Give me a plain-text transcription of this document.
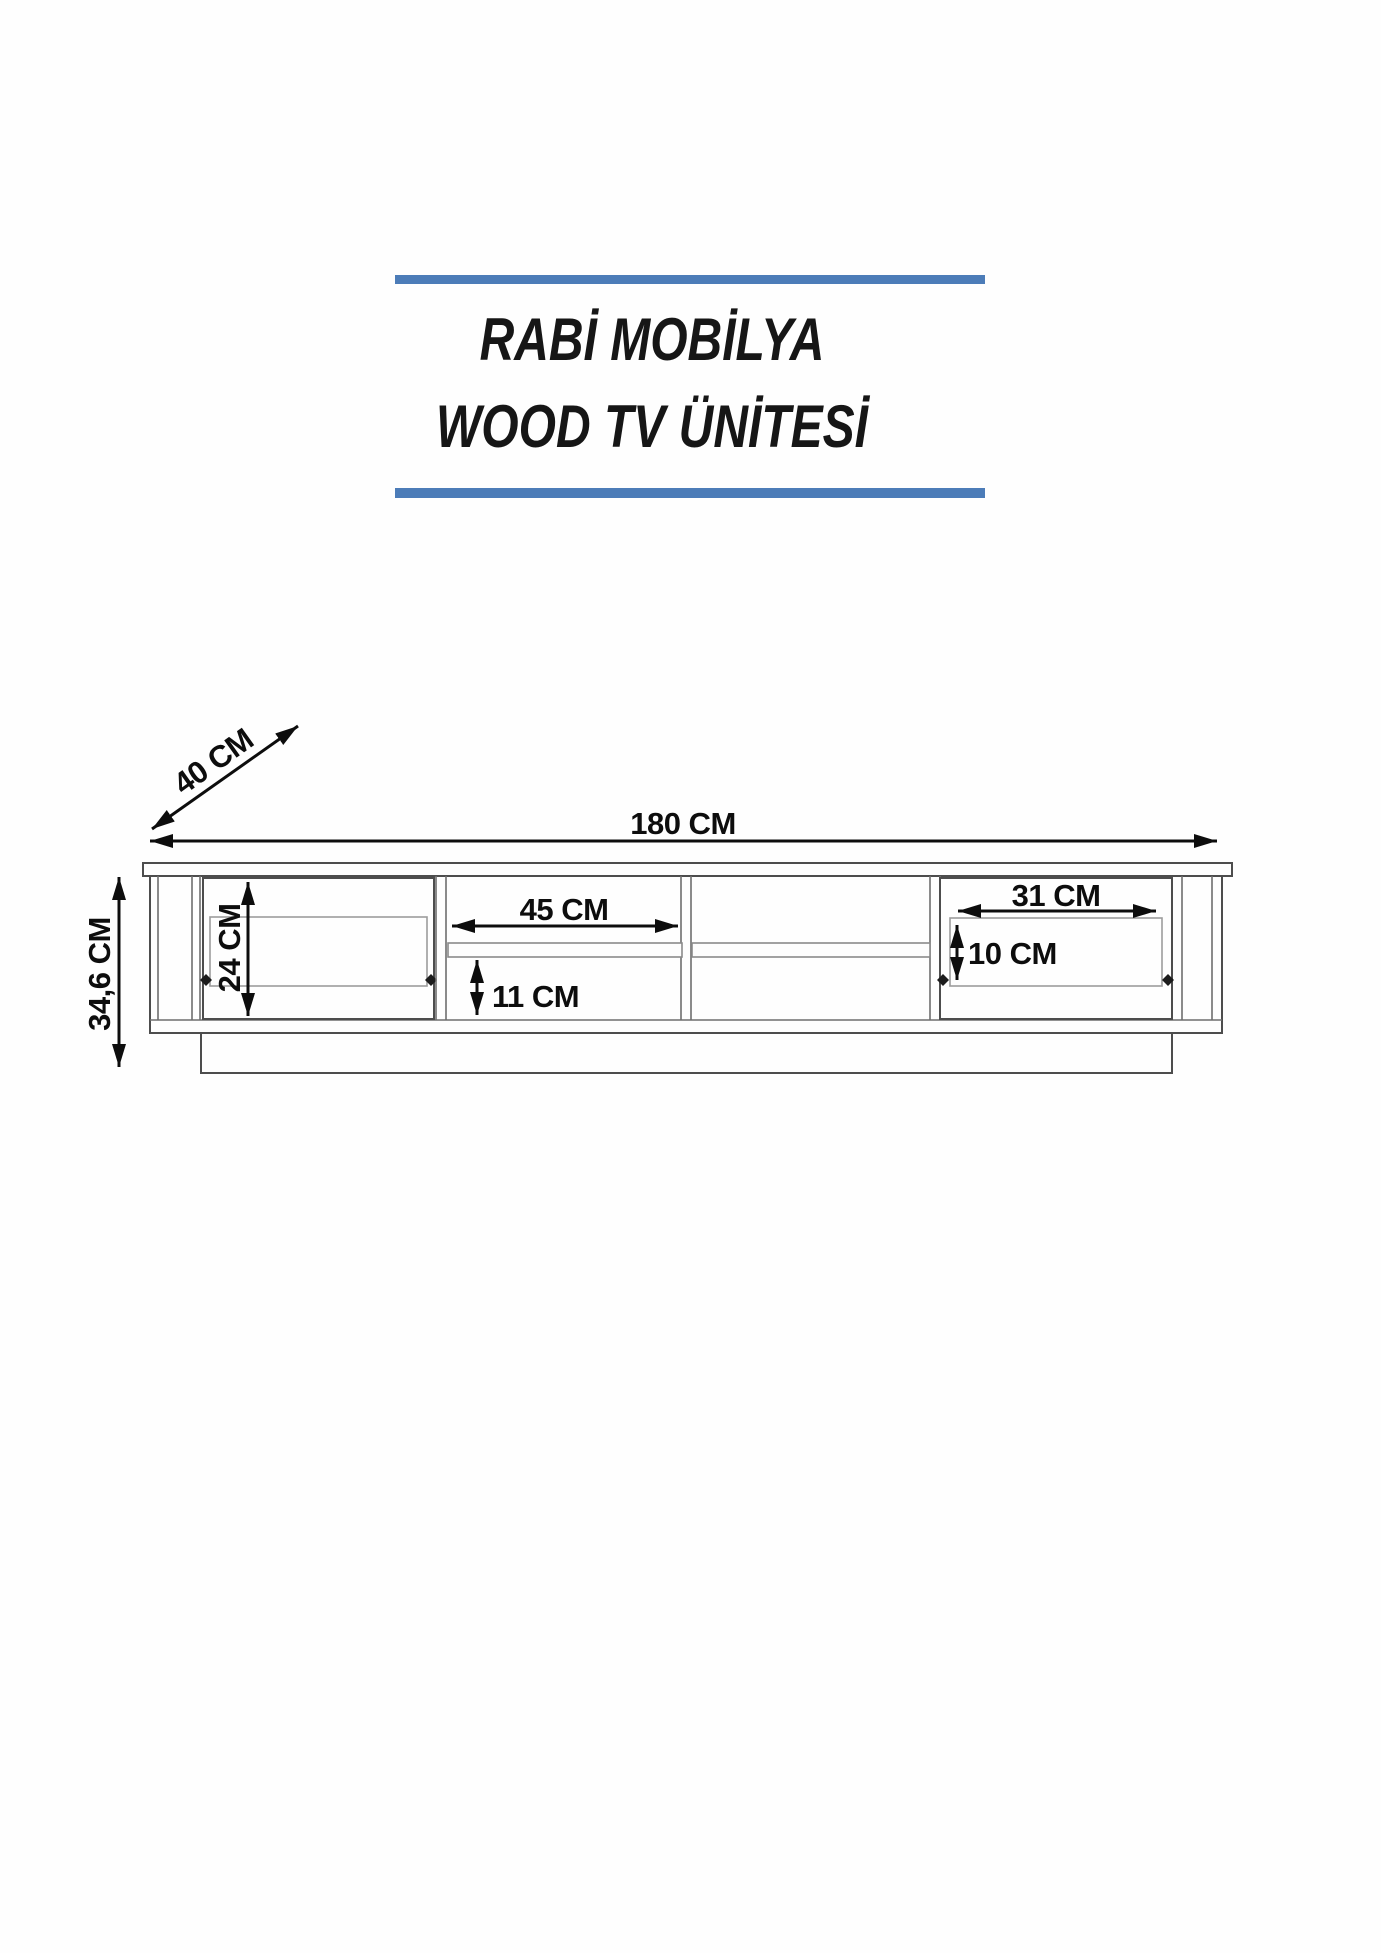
RABİ MOBİLYA
WOOD TV ÜNİTESİ
40 CM
180 CM
34,6 CM	24 CM	45 CM
11 CM
31 CM
10 CM
